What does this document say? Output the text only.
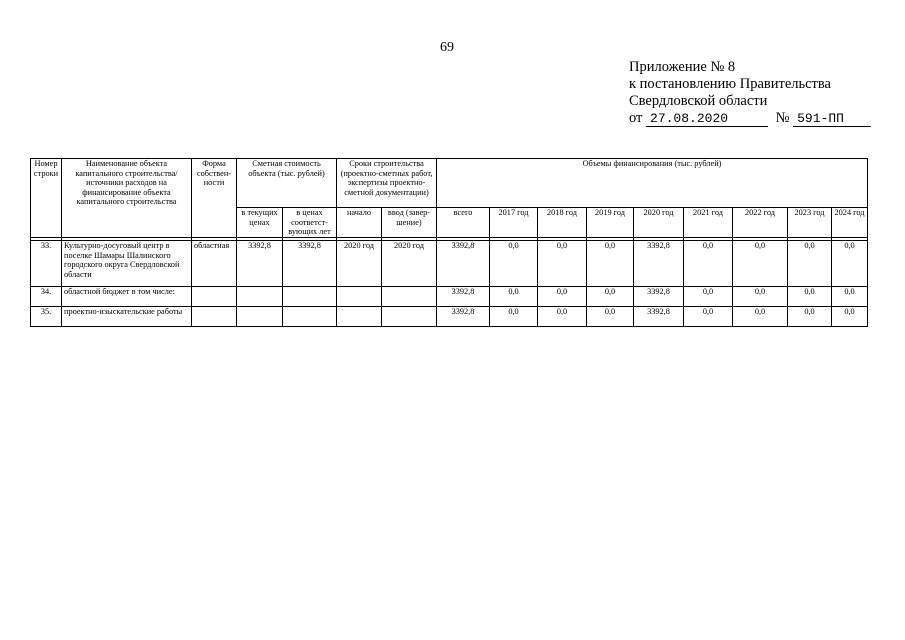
69
Приложение № 8
к постановлению Правительства
Свердловской области
от 27.08.2020	№ 591-ПП
Номер строки	Наименование объекта капитального строительства/ источники расходов на финансирование объекта капитального строительства	Форма собствен-ности	Сметная стоимость объекта (тыс. рублей)		Сроки строительства (проектно-сметных работ, экспертизы проектно-сметной документации)		Объемы финансирования (тыс. рублей)								
			в текущих ценах	в ценах соответст-вующих лет	начало	ввод (завер-шение)	всего	2017 год	2018 год	2019 год	2020 год	2021 год	2022 год	2023 год	2024 год

33.	Культурно-досуговый центр в поселке Шамары Шалинского городского округа Свердловской области	областная	3392,8	3392,8	2020 год	2020 год	3392,8	0,0	0,0	0,0	3392,8	0,0	0,0	0,0	0,0
34.	областной бюджет в том числе:						3392,8	0,0	0,0	0,0	3392,8	0,0	0,0	0,0	0,0
35.	проектно-изыскательские работы						3392,8	0,0	0,0	0,0	3392,8	0,0	0,0	0,0	0,0
